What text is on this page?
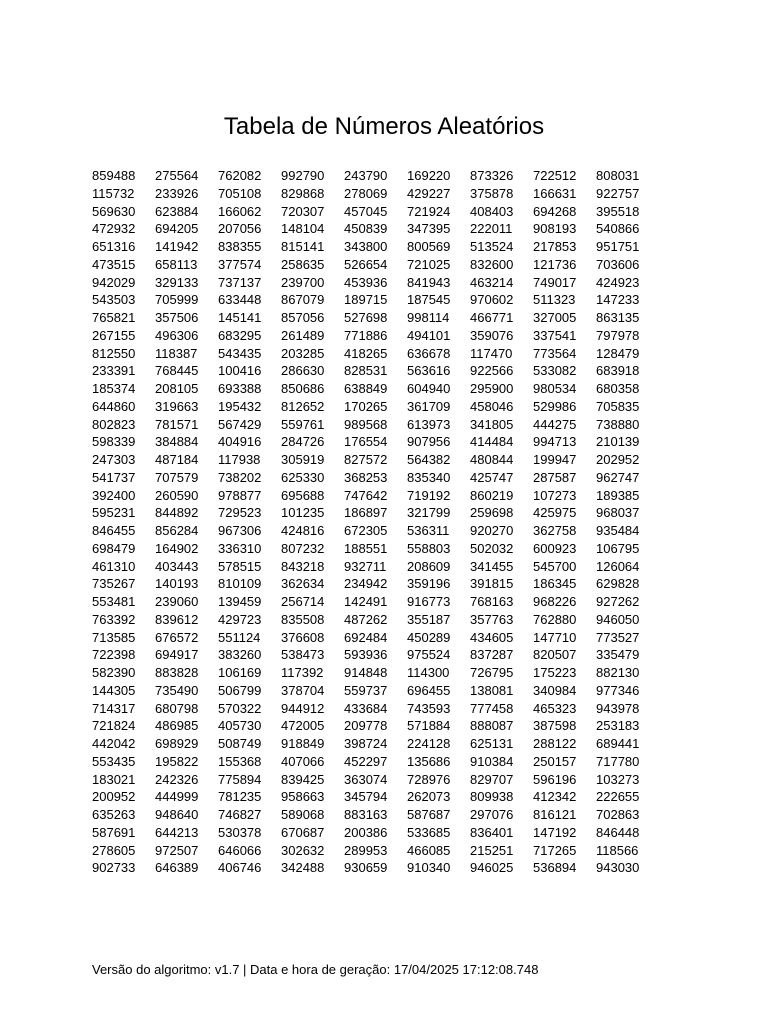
Tabela de Números Aleatórios
859488	275564	762082	992790	243790	169220	873326	722512	808031
115732	233926	705108	829868	278069	429227	375878	166631	922757
569630	623884	166062	720307	457045	721924	408403	694268	395518
472932	694205	207056	148104	450839	347395	222011	908193	540866
651316	141942	838355	815141	343800	800569	513524	217853	951751
473515	658113	377574	258635	526654	721025	832600	121736	703606
942029	329133	737137	239700	453936	841943	463214	749017	424923
543503	705999	633448	867079	189715	187545	970602	511323	147233
765821	357506	145141	857056	527698	998114	466771	327005	863135
267155	496306	683295	261489	771886	494101	359076	337541	797978
812550	118387	543435	203285	418265	636678	117470	773564	128479
233391	768445	100416	286630	828531	563616	922566	533082	683918
185374	208105	693388	850686	638849	604940	295900	980534	680358
644860	319663	195432	812652	170265	361709	458046	529986	705835
802823	781571	567429	559761	989568	613973	341805	444275	738880
598339	384884	404916	284726	176554	907956	414484	994713	210139
247303	487184	117938	305919	827572	564382	480844	199947	202952
541737	707579	738202	625330	368253	835340	425747	287587	962747
392400	260590	978877	695688	747642	719192	860219	107273	189385
595231	844892	729523	101235	186897	321799	259698	425975	968037
846455	856284	967306	424816	672305	536311	920270	362758	935484
698479	164902	336310	807232	188551	558803	502032	600923	106795
461310	403443	578515	843218	932711	208609	341455	545700	126064
735267	140193	810109	362634	234942	359196	391815	186345	629828
553481	239060	139459	256714	142491	916773	768163	968226	927262
763392	839612	429723	835508	487262	355187	357763	762880	946050
713585	676572	551124	376608	692484	450289	434605	147710	773527
722398	694917	383260	538473	593936	975524	837287	820507	335479
582390	883828	106169	117392	914848	114300	726795	175223	882130
144305	735490	506799	378704	559737	696455	138081	340984	977346
714317	680798	570322	944912	433684	743593	777458	465323	943978
721824	486985	405730	472005	209778	571884	888087	387598	253183
442042	698929	508749	918849	398724	224128	625131	288122	689441
553435	195822	155368	407066	452297	135686	910384	250157	717780
183021	242326	775894	839425	363074	728976	829707	596196	103273
200952	444999	781235	958663	345794	262073	809938	412342	222655
635263	948640	746827	589068	883163	587687	297076	816121	702863
587691	644213	530378	670687	200386	533685	836401	147192	846448
278605	972507	646066	302632	289953	466085	215251	717265	118566
902733	646389	406746	342488	930659	910340	946025	536894	943030
Versão do algoritmo: v1.7 | Data e hora de geração: 17/04/2025 17:12:08.748
